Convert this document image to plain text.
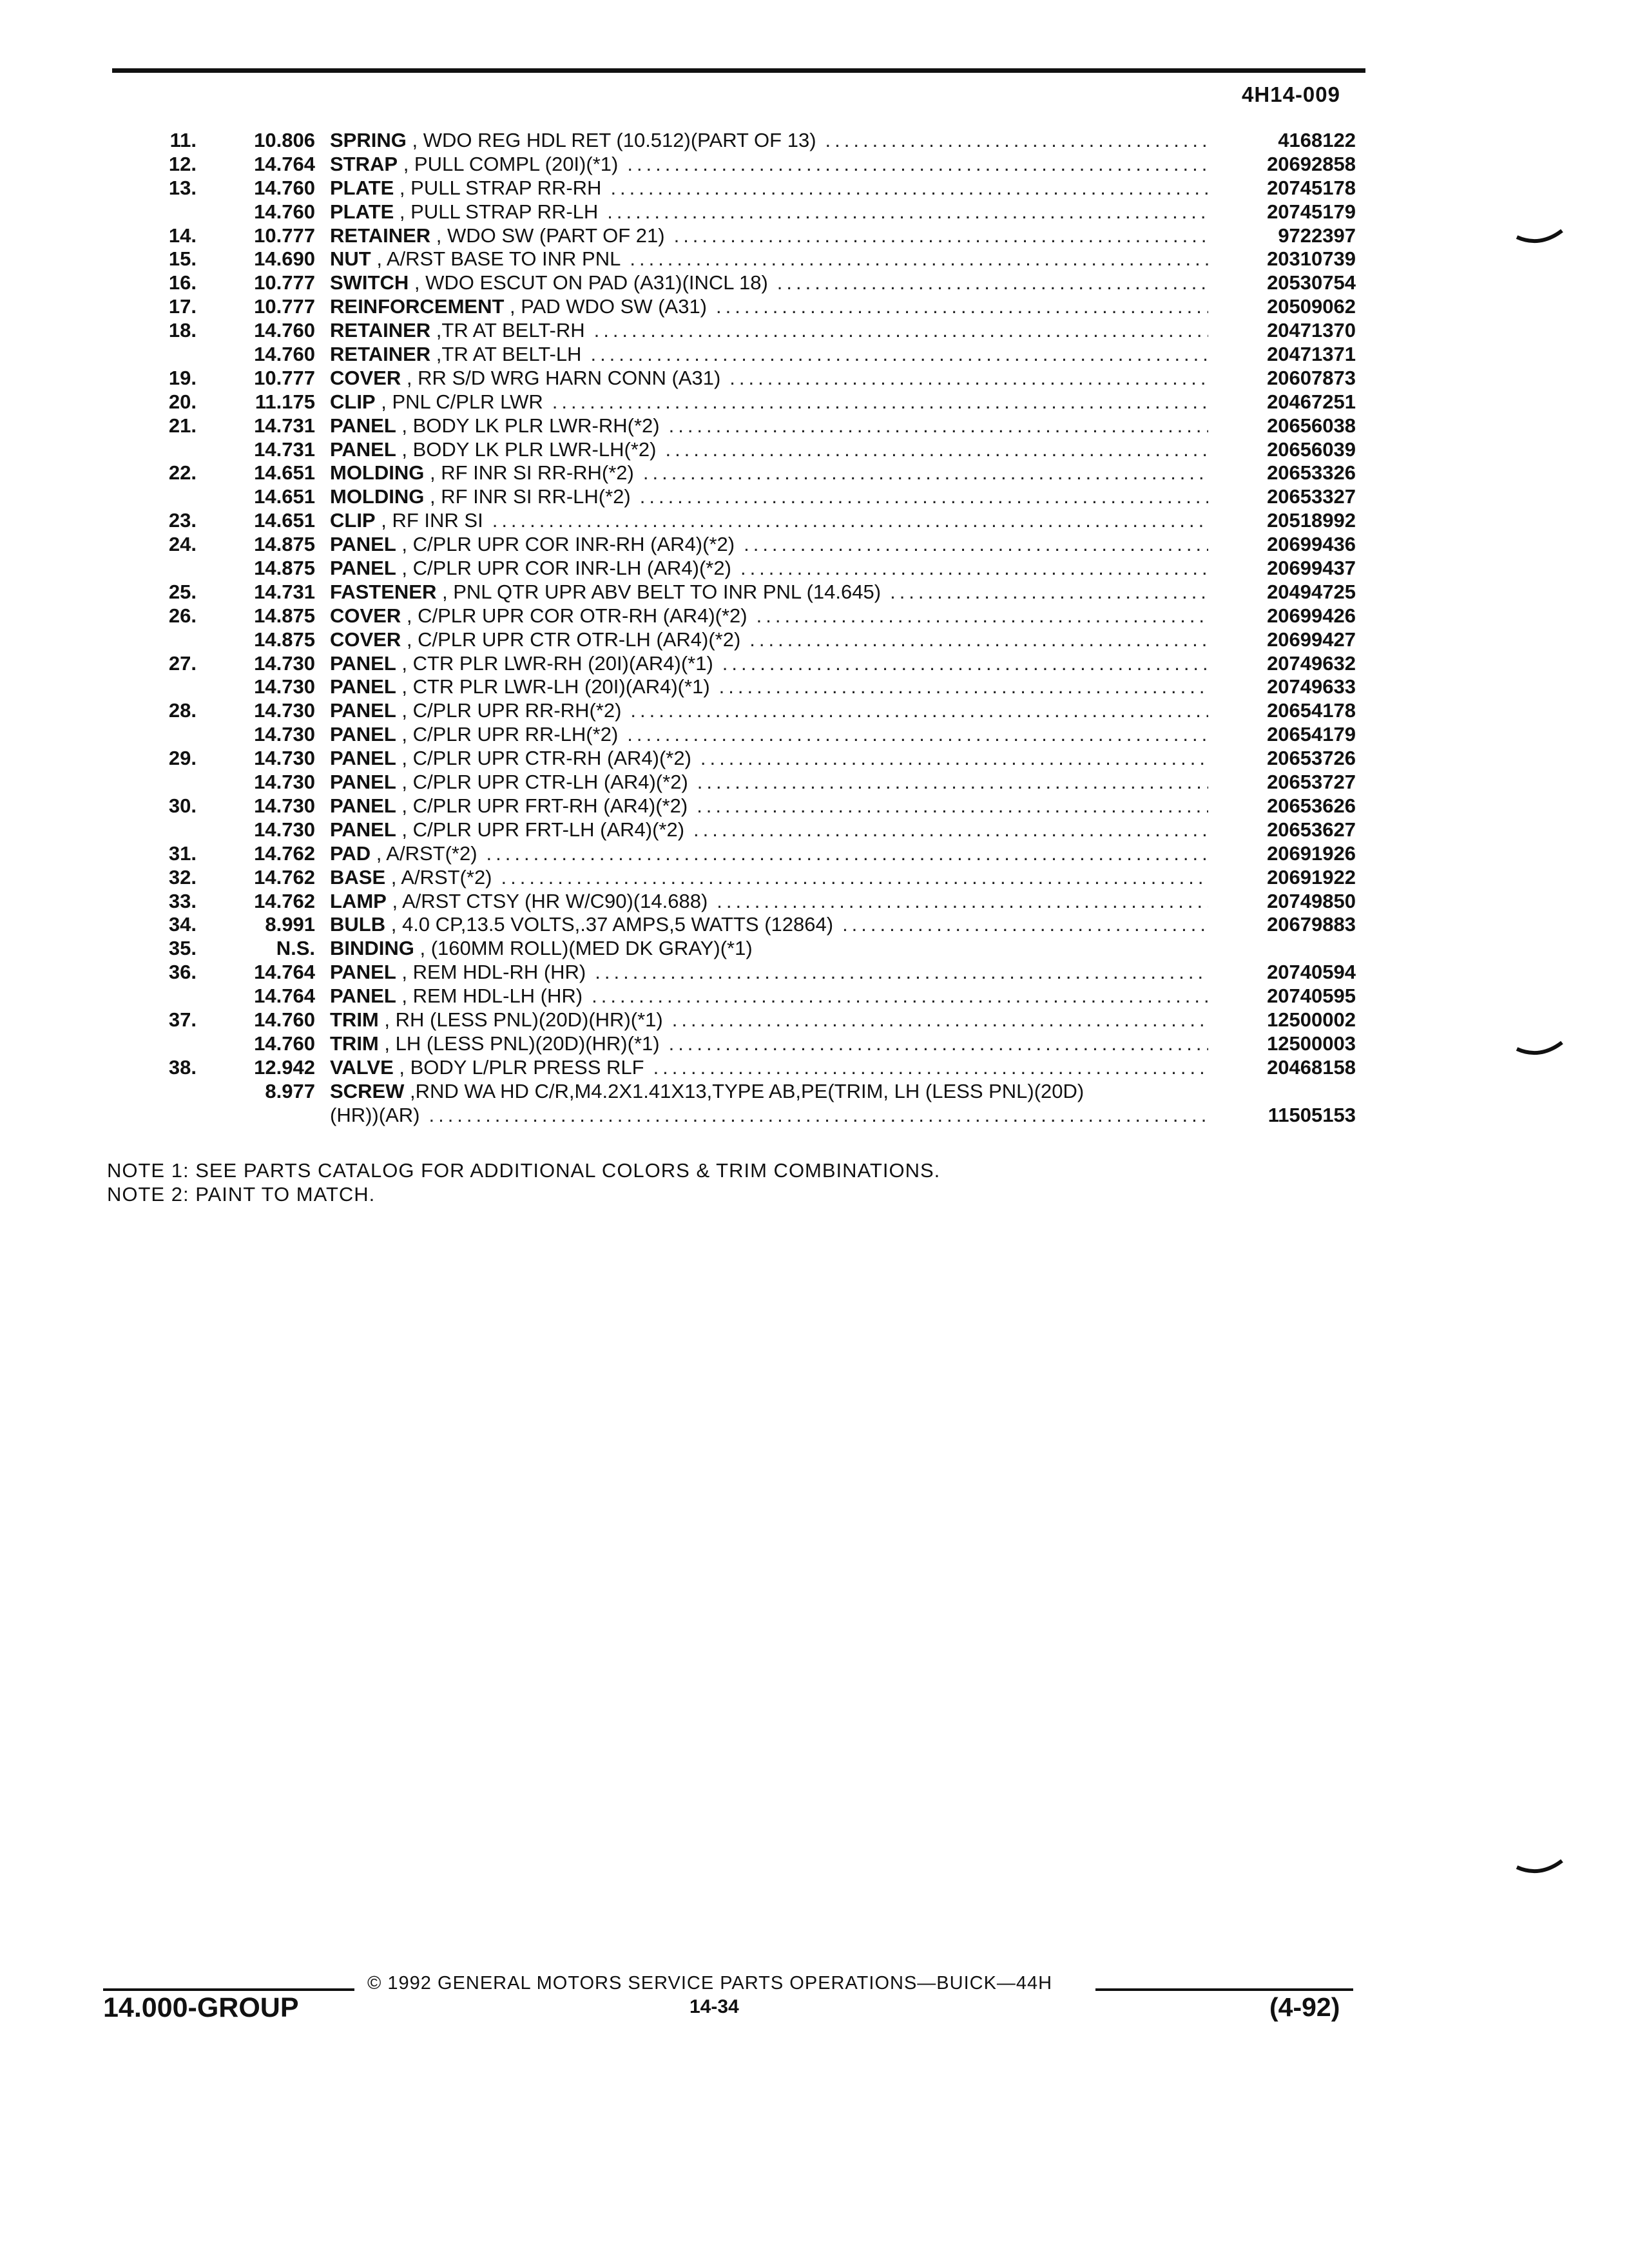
4H14-009
11.	10.806 SPRING , WDO REG HDL RET (10.512)(PART OF 13) .....	4168122
12.	14.764 STRAP , PULL COMPL (20I)(*1) .....	20692858
13.	14.760 PLATE , PULL STRAP RR-RH .....	20745178
14.760 PLATE , PULL STRAP RR-LH .....	20745179
14.	10.777 RETAINER , WDO SW (PART OF 21) .....	9722397
15.	14.690 NUT , A/RST BASE TO INR PNL .....	20310739
16.	10.777 SWITCH , WDO ESCUT ON PAD (A31)(INCL 18) .....	20530754
17.	10.777 REINFORCEMENT , PAD WDO SW (A31) .....	20509062
18.	14.760 RETAINER ,TR AT BELT-RH .....	20471370
14.760 RETAINER ,TR AT BELT-LH .....	20471371
19.	10.777 COVER , RR S/D WRG HARN CONN (A31) .....	20607873
20.	11.175 CLIP , PNL C/PLR LWR .....	20467251
21.	14.731 PANEL , BODY LK PLR LWR-RH(*2) .....	20656038
14.731 PANEL , BODY LK PLR LWR-LH(*2) .....	20656039
22.	14.651 MOLDING , RF INR SI RR-RH(*2) .....	20653326
14.651 MOLDING , RF INR SI RR-LH(*2) .....	20653327
23.	14.651 CLIP , RF INR SI .....	20518992
24.	14.875 PANEL , C/PLR UPR COR INR-RH (AR4)(*2) .....	20699436
14.875 PANEL , C/PLR UPR COR INR-LH (AR4)(*2) .....	20699437
25.	14.731 FASTENER , PNL QTR UPR ABV BELT TO INR PNL (14.645) .....	20494725
26.	14.875 COVER , C/PLR UPR COR OTR-RH (AR4)(*2) .....	20699426
14.875 COVER , C/PLR UPR CTR OTR-LH (AR4)(*2) .....	20699427
27.	14.730 PANEL , CTR PLR LWR-RH (20I)(AR4)(*1) .....	20749632
14.730 PANEL , CTR PLR LWR-LH (20I)(AR4)(*1) .....	20749633
28.	14.730 PANEL , C/PLR UPR RR-RH(*2) .....	20654178
14.730 PANEL , C/PLR UPR RR-LH(*2) .....	20654179
29.	14.730 PANEL , C/PLR UPR CTR-RH (AR4)(*2) .....	20653726
14.730 PANEL , C/PLR UPR CTR-LH (AR4)(*2) .....	20653727
30.	14.730 PANEL , C/PLR UPR FRT-RH (AR4)(*2) .....	20653626
14.730 PANEL , C/PLR UPR FRT-LH (AR4)(*2) .....	20653627
31.	14.762 PAD , A/RST(*2) .....	20691926
32.	14.762 BASE , A/RST(*2) .....	20691922
33.	14.762 LAMP , A/RST CTSY (HR W/C90)(14.688) .....	20749850
34.	8.991 BULB , 4.0 CP,13.5 VOLTS,.37 AMPS,5 WATTS (12864) .....	20679883
35.	N.S. BINDING , (160MM ROLL)(MED DK GRAY)(*1)
36.	14.764 PANEL , REM HDL-RH (HR) .....	20740594
14.764 PANEL , REM HDL-LH (HR) .....	20740595
37.	14.760 TRIM , RH (LESS PNL)(20D)(HR)(*1) .....	12500002
14.760 TRIM , LH (LESS PNL)(20D)(HR)(*1) .....	12500003
38.	12.942 VALVE , BODY L/PLR PRESS RLF .....	20468158
8.977 SCREW ,RND WA HD C/R,M4.2X1.41X13,TYPE AB,PE(TRIM, LH (LESS PNL)(20D)
(HR))(AR) .....	11505153
NOTE 1: SEE PARTS CATALOG FOR ADDITIONAL COLORS & TRIM COMBINATIONS.
NOTE 2: PAINT TO MATCH.
© 1992 GENERAL MOTORS SERVICE PARTS OPERATIONS—BUICK—44H
14.000-GROUP	14-34	(4-92)
